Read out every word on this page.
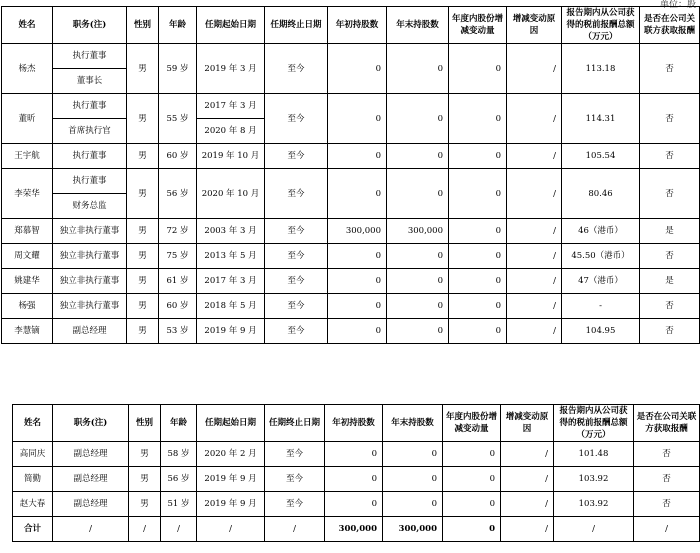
单位：股
姓名	职务(注)	性别	年龄	任期起始日期	任期终止日期	年初持股数	年末持股数	年度内股份增减变动量	增减变动原因	报告期内从公司获得的税前报酬总额（万元）	是否在公司关联方获取报酬
杨杰	执行董事	男	59 岁	2019 年 3 月	至今	0	0	0	/	113.18	否
	董事长										
董昕	执行董事	男	55 岁	2017 年 3 月	至今	0	0	0	/	114.31	否
	首席执行官			2020 年 8 月							
王宇航	执行董事	男	60 岁	2019 年 10 月	至今	0	0	0	/	105.54	否
李荣华	执行董事	男	56 岁	2020 年 10 月	至今	0	0	0	/	80.46	否
	财务总监										
郑慕智	独立非执行董事	男	72 岁	2003 年 3 月	至今	300,000	300,000	0	/	46（港币）	是
周文耀	独立非执行董事	男	75 岁	2013 年 5 月	至今	0	0	0	/	45.50（港币）	否
姚建华	独立非执行董事	男	61 岁	2017 年 3 月	至今	0	0	0	/	47（港币）	是
杨强	独立非执行董事	男	60 岁	2018 年 5 月	至今	0	0	0	/	-	否
李慧镝	副总经理	男	53 岁	2019 年 9 月	至今	0	0	0	/	104.95	否
姓名	职务(注)	性别	年龄	任期起始日期	任期终止日期	年初持股数	年末持股数	年度内股份增减变动量	增减变动原因	报告期内从公司获得的税前报酬总额（万元）	是否在公司关联方获取报酬
高同庆	副总经理	男	58 岁	2020 年 2 月	至今	0	0	0	/	101.48	否
简勤	副总经理	男	56 岁	2019 年 9 月	至今	0	0	0	/	103.92	否
赵大春	副总经理	男	51 岁	2019 年 9 月	至今	0	0	0	/	103.92	否
合计	/	/	/	/	/	300,000	300,000	0	/	/	/
